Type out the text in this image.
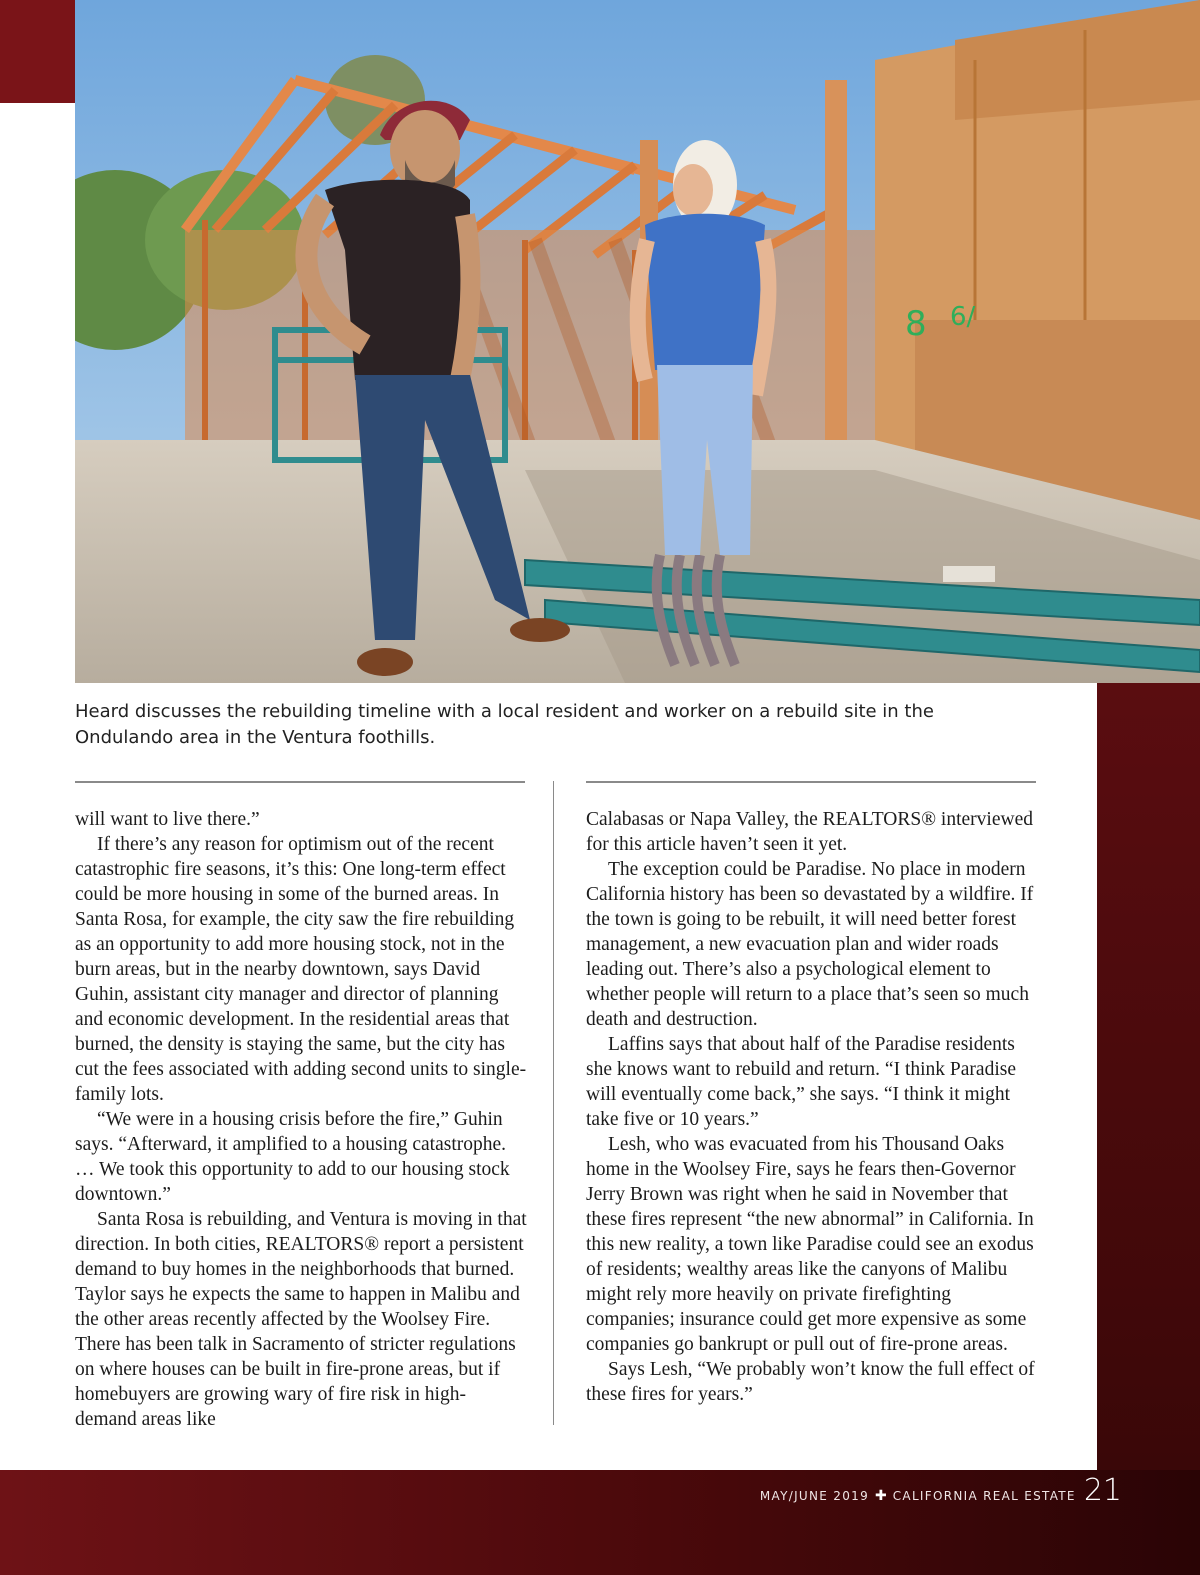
8 6/
Heard discusses the rebuilding timeline with a local resident and worker on a rebuild site in the Ondulando area in the Ventura foothills.

will want to live there.”

If there’s any reason for optimism out of the recent catastrophic fire seasons, it’s this: One long-term effect could be more housing in some of the burned areas. In Santa Rosa, for example, the city saw the fire rebuilding as an opportunity to add more housing stock, not in the burn areas, but in the nearby downtown, says David Guhin, assistant city manager and director of planning and economic development. In the residential areas that burned, the density is staying the same, but the city has cut the fees associated with adding second units to single-family lots.

“We were in a housing crisis before the fire,” Guhin says. “Afterward, it amplified to a housing catastrophe. … We took this opportunity to add to our housing stock downtown.”

Santa Rosa is rebuilding, and Ventura is moving in that direction. In both cities, REALTORS® report a persistent demand to buy homes in the neighborhoods that burned. Taylor says he expects the same to happen in Malibu and the other areas recently affected by the Woolsey Fire. There has been talk in Sacramento of stricter regulations on where houses can be built in fire-prone areas, but if homebuyers are growing wary of fire risk in high-demand areas like

Calabasas or Napa Valley, the REALTORS® interviewed for this article haven’t seen it yet.

The exception could be Paradise. No place in modern California history has been so devastated by a wildfire. If the town is going to be rebuilt, it will need better forest management, a new evacuation plan and wider roads leading out. There’s also a psychological element to whether people will return to a place that’s seen so much death and destruction.

Laffins says that about half of the Paradise residents she knows want to rebuild and return. “I think Paradise will eventually come back,” she says. “I think it might take five or 10 years.”

Lesh, who was evacuated from his Thousand Oaks home in the Woolsey Fire, says he fears then-Governor Jerry Brown was right when he said in November that these fires represent “the new abnormal” in California. In this new reality, a town like Paradise could see an exodus of residents; wealthy areas like the canyons of Malibu might rely more heavily on private firefighting companies; insurance could get more expensive as some companies go bankrupt or pull out of fire-prone areas.

Says Lesh, “We probably won’t know the full effect of these fires for years.”

MAY/JUNE 2019 ✚ CALIFORNIA REAL ESTATE 21
